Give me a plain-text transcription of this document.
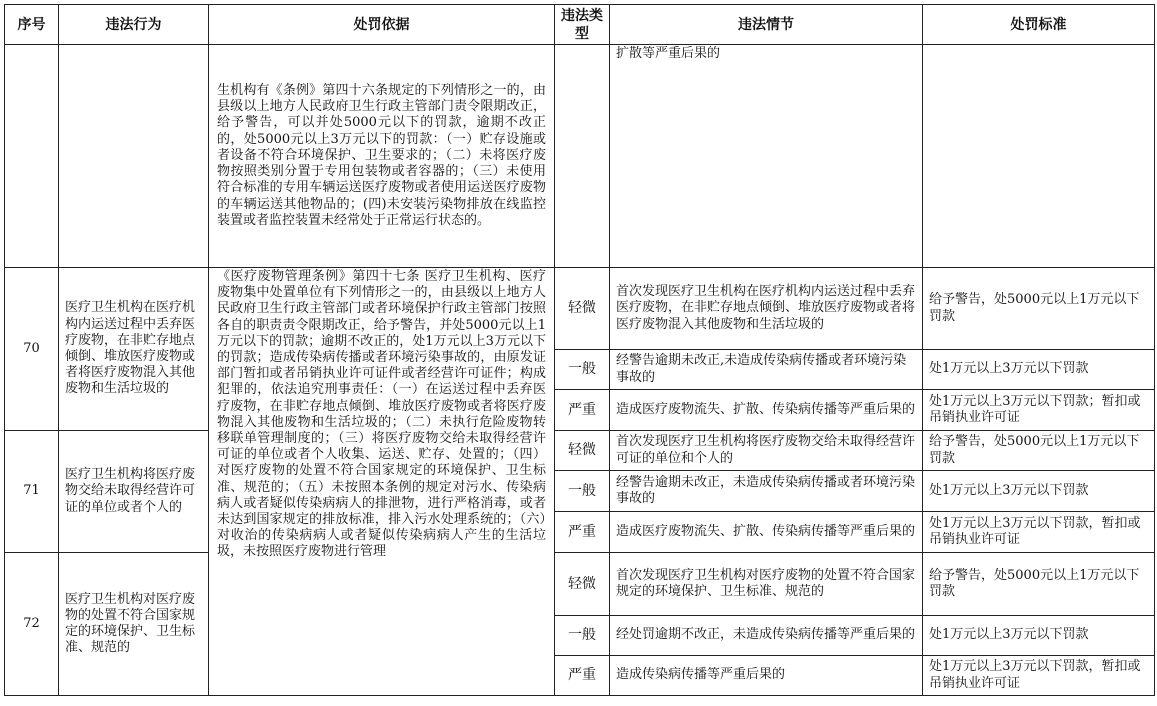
序号	违法行为	处罚依据	违法类型	违法情节	处罚标准
		生机构有《条例》第四十六条规定的下列情形之一的，由县级以上地方人民政府卫生行政主管部门责令限期改正，给予警告，可以并处5000元以下的罚款，逾期不改正的，处5000元以上3万元以下的罚款：（一）贮存设施或者设备不符合环境保护、卫生要求的；（二）未将医疗废物按照类别分置于专用包装物或者容器的；（三）未使用符合标准的专用车辆运送医疗废物或者使用运送医疗废物的车辆运送其他物品的；(四)未安装污染物排放在线监控装置或者监控装置未经常处于正常运行状态的。		扩散等严重后果的	
70	医疗卫生机构在医疗机构内运送过程中丢弃医疗废物，在非贮存地点倾倒、堆放医疗废物或者将医疗废物混入其他废物和生活垃圾的	《医疗废物管理条例》第四十七条 医疗卫生机构、医疗废物集中处置单位有下列情形之一的，由县级以上地方人民政府卫生行政主管部门或者环境保护行政主管部门按照各自的职责责令限期改正，给予警告，并处5000元以上1万元以下的罚款；逾期不改正的，处1万元以上3万元以下的罚款；造成传染病传播或者环境污染事故的，由原发证部门暂扣或者吊销执业许可证件或者经营许可证件；构成犯罪的，依法追究刑事责任：（一）在运送过程中丢弃医疗废物，在非贮存地点倾倒、堆放医疗废物或者将医疗废物混入其他废物和生活垃圾的；（二）未执行危险废物转移联单管理制度的；（三）将医疗废物交给未取得经营许可证的单位或者个人收集、运送、贮存、处置的；（四）对医疗废物的处置不符合国家规定的环境保护、卫生标准、规范的；（五）未按照本条例的规定对污水、传染病病人或者疑似传染病病人的排泄物，进行严格消毒，或者未达到国家规定的排放标准，排入污水处理系统的；（六）对收治的传染病病人或者疑似传染病病人产生的生活垃圾，未按照医疗废物进行管理	轻微	首次发现医疗卫生机构在医疗机构内运送过程中丢弃医疗废物，在非贮存地点倾倒、堆放医疗废物或者将医疗废物混入其他废物和生活垃圾的	给予警告，处5000元以上1万元以下罚款
			一般	经警告逾期未改正,未造成传染病传播或者环境污染事故的	处1万元以上3万元以下罚款
			严重	造成医疗废物流失、扩散、传染病传播等严重后果的	处1万元以上3万元以下罚款；暂扣或吊销执业许可证
71	医疗卫生机构将医疗废物交给未取得经营许可证的单位或者个人的		轻微	首次发现医疗卫生机构将医疗废物交给未取得经营许可证的单位和个人的	给予警告，处5000元以上1万元以下罚款
			一般	经警告逾期未改正，未造成传染病传播或者环境污染事故的	处1万元以上3万元以下罚款
			严重	造成医疗废物流失、扩散、传染病传播等严重后果的	处1万元以上3万元以下罚款，暂扣或吊销执业许可证
72	医疗卫生机构对医疗废物的处置不符合国家规定的环境保护、卫生标准、规范的		轻微	首次发现医疗卫生机构对医疗废物的处置不符合国家规定的环境保护、卫生标准、规范的	给予警告，处5000元以上1万元以下罚款
			一般	经处罚逾期不改正，未造成传染病传播等严重后果的	处1万元以上3万元以下罚款
			严重	造成传染病传播等严重后果的	处1万元以上3万元以下罚款，暂扣或吊销执业许可证
